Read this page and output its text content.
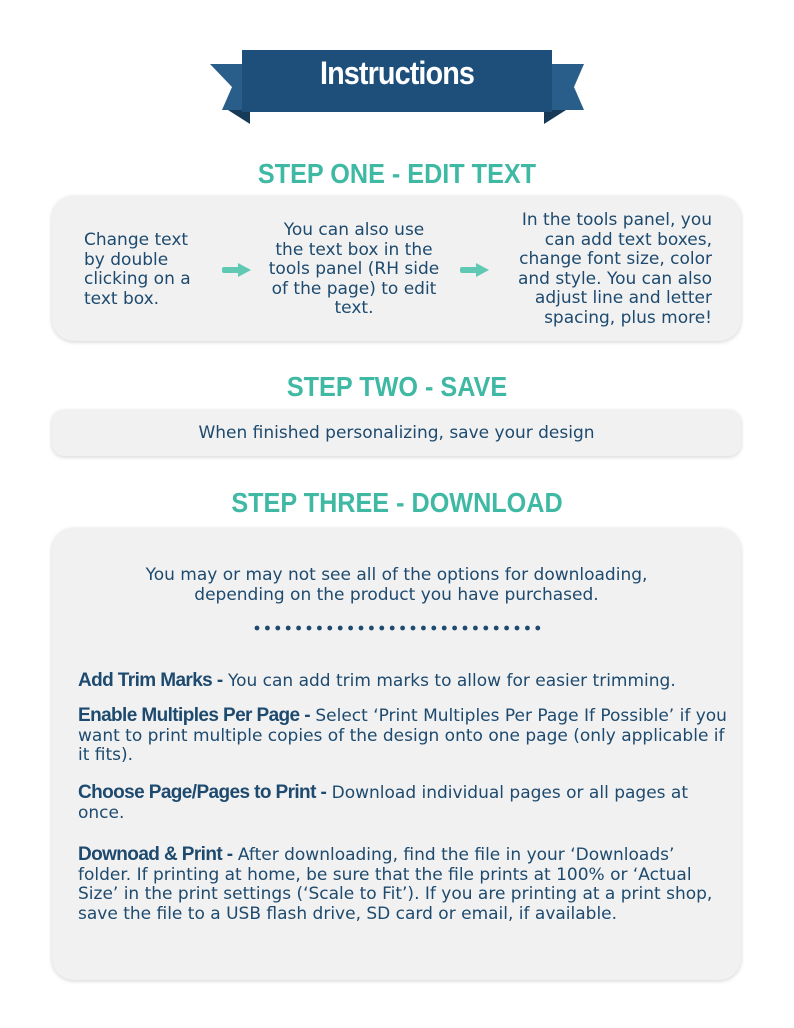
Instructions
STEP ONE - EDIT TEXT
Change text
by double
clicking on a
text box.
You can also use
the text box in the
tools panel (RH side
of the page) to edit
text.
In the tools panel, you
can add text boxes,
change font size, color
and style. You can also
adjust line and letter
spacing, plus more!
STEP TWO - SAVE
When finished personalizing, save your design
STEP THREE - DOWNLOAD
You may or may not see all of the options for downloading,
depending on the product you have purchased.
Add Trim Marks - You can add trim marks to allow for easier trimming.
Enable Multiples Per Page - Select ‘Print Multiples Per Page If Possible’ if you want to print multiple copies of the design onto one page (only applicable if it fits).
Choose Page/Pages to Print - Download individual pages or all pages at once.
Downoad & Print - After downloading, find the file in your ‘Downloads’ folder. If printing at home, be sure that the file prints at 100% or ‘Actual Size’ in the print settings (‘Scale to Fit’). If you are printing at a print shop, save the file to a USB flash drive, SD card or email, if available.
